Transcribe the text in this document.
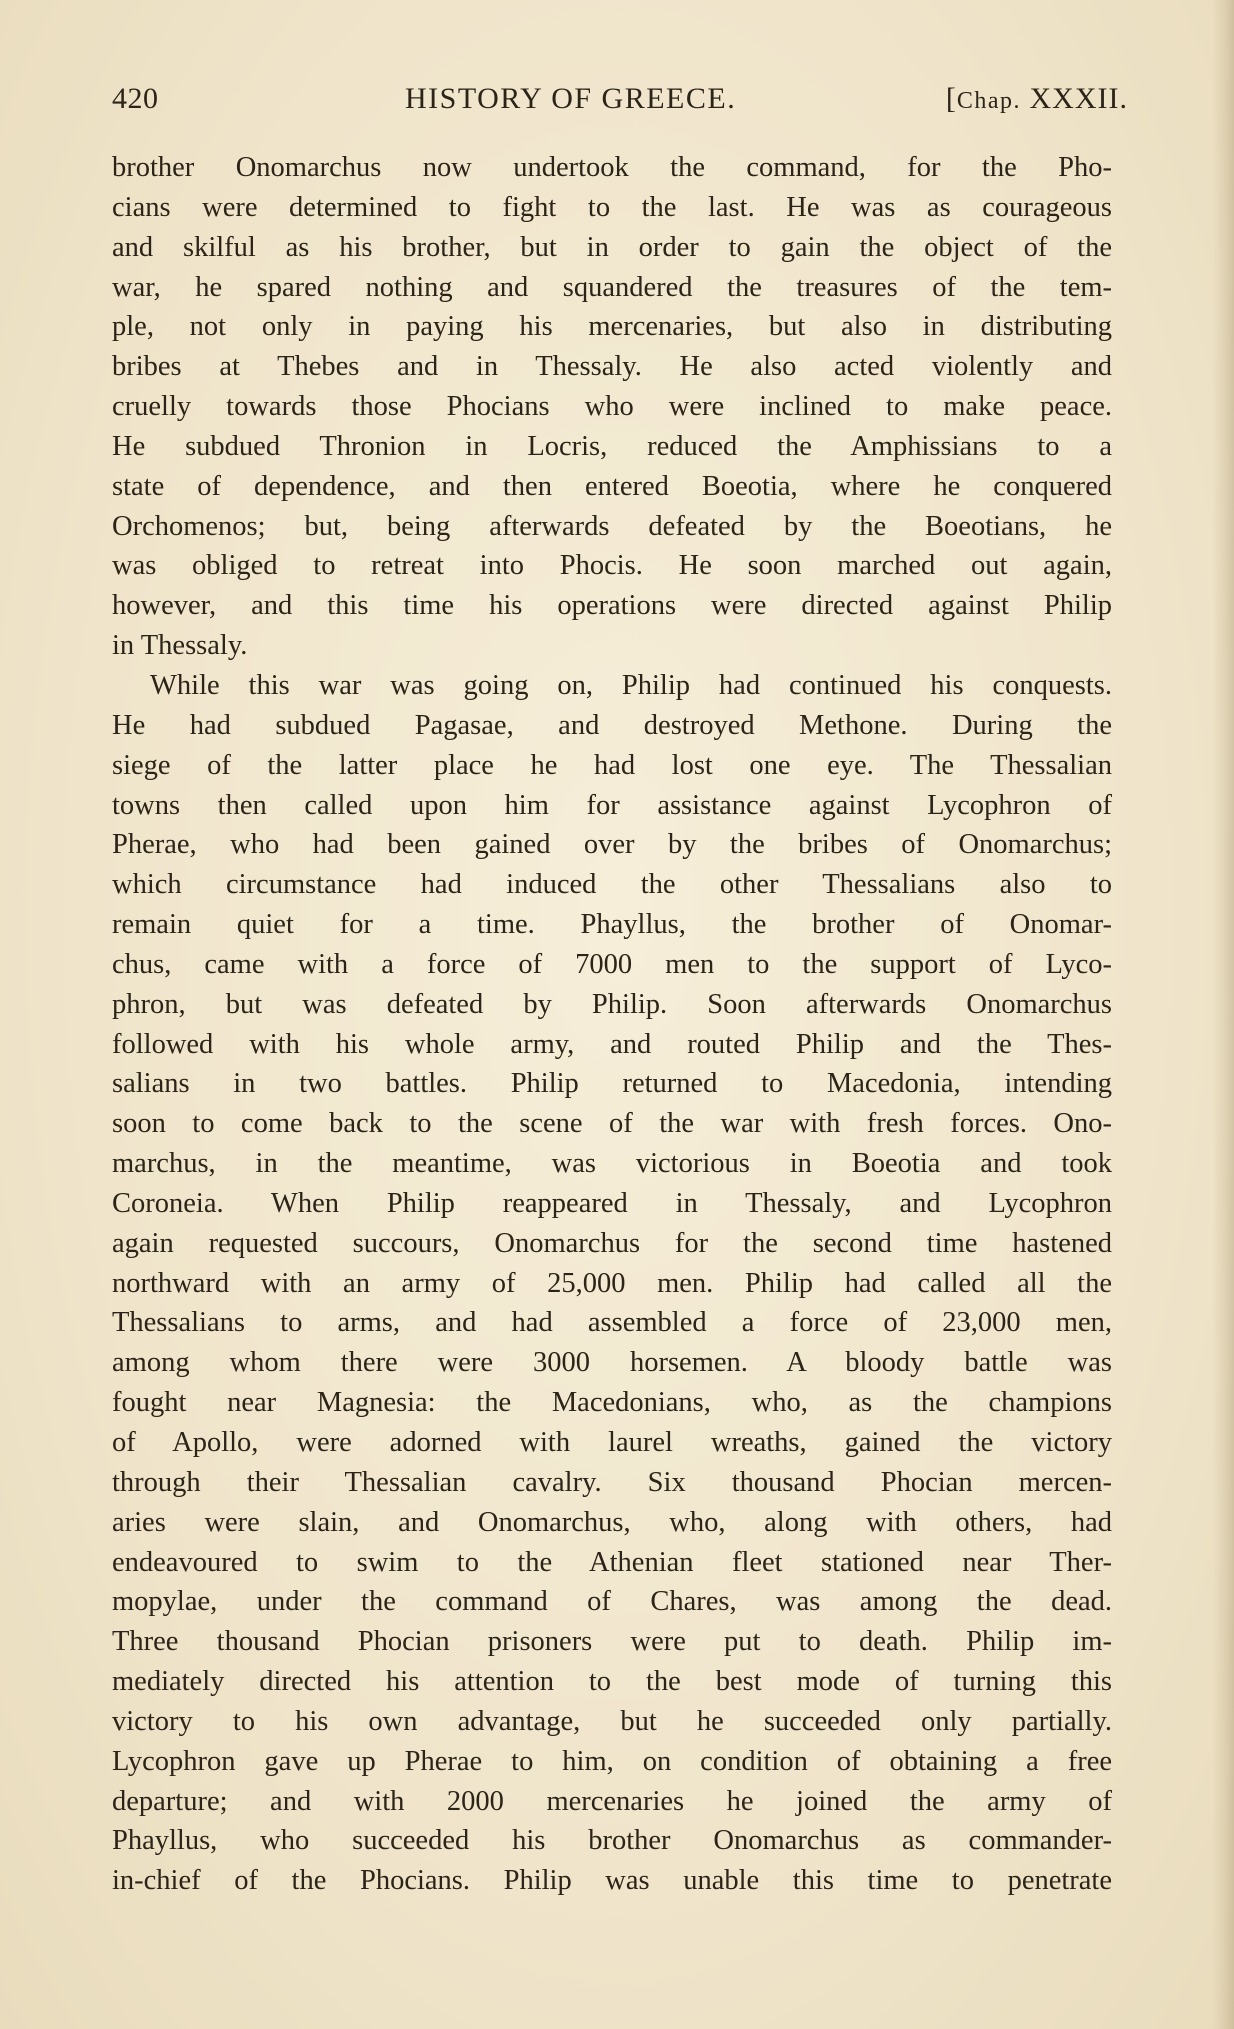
420	HISTORY OF GREECE.	[Chap. XXXII.
brother Onomarchus now undertook the command, for the Pho-
cians were determined to fight to the last. He was as courageous
and skilful as his brother, but in order to gain the object of the
war, he spared nothing and squandered the treasures of the tem-
ple, not only in paying his mercenaries, but also in distributing
bribes at Thebes and in Thessaly. He also acted violently and
cruelly towards those Phocians who were inclined to make peace.
He subdued Thronion in Locris, reduced the Amphissians to a
state of dependence, and then entered Boeotia, where he conquered
Orchomenos; but, being afterwards defeated by the Boeotians, he
was obliged to retreat into Phocis. He soon marched out again,
however, and this time his operations were directed against Philip
in Thessaly.
While this war was going on, Philip had continued his conquests.
He had subdued Pagasae, and destroyed Methone. During the
siege of the latter place he had lost one eye. The Thessalian
towns then called upon him for assistance against Lycophron of
Pherae, who had been gained over by the bribes of Onomarchus;
which circumstance had induced the other Thessalians also to
remain quiet for a time. Phayllus, the brother of Onomar-
chus, came with a force of 7000 men to the support of Lyco-
phron, but was defeated by Philip. Soon afterwards Onomarchus
followed with his whole army, and routed Philip and the Thes-
salians in two battles. Philip returned to Macedonia, intending
soon to come back to the scene of the war with fresh forces. Ono-
marchus, in the meantime, was victorious in Boeotia and took
Coroneia. When Philip reappeared in Thessaly, and Lycophron
again requested succours, Onomarchus for the second time hastened
northward with an army of 25,000 men. Philip had called all the
Thessalians to arms, and had assembled a force of 23,000 men,
among whom there were 3000 horsemen. A bloody battle was
fought near Magnesia: the Macedonians, who, as the champions
of Apollo, were adorned with laurel wreaths, gained the victory
through their Thessalian cavalry. Six thousand Phocian mercen-
aries were slain, and Onomarchus, who, along with others, had
endeavoured to swim to the Athenian fleet stationed near Ther-
mopylae, under the command of Chares, was among the dead.
Three thousand Phocian prisoners were put to death. Philip im-
mediately directed his attention to the best mode of turning this
victory to his own advantage, but he succeeded only partially.
Lycophron gave up Pherae to him, on condition of obtaining a free
departure; and with 2000 mercenaries he joined the army of
Phayllus, who succeeded his brother Onomarchus as commander-
in-chief of the Phocians. Philip was unable this time to penetrate
